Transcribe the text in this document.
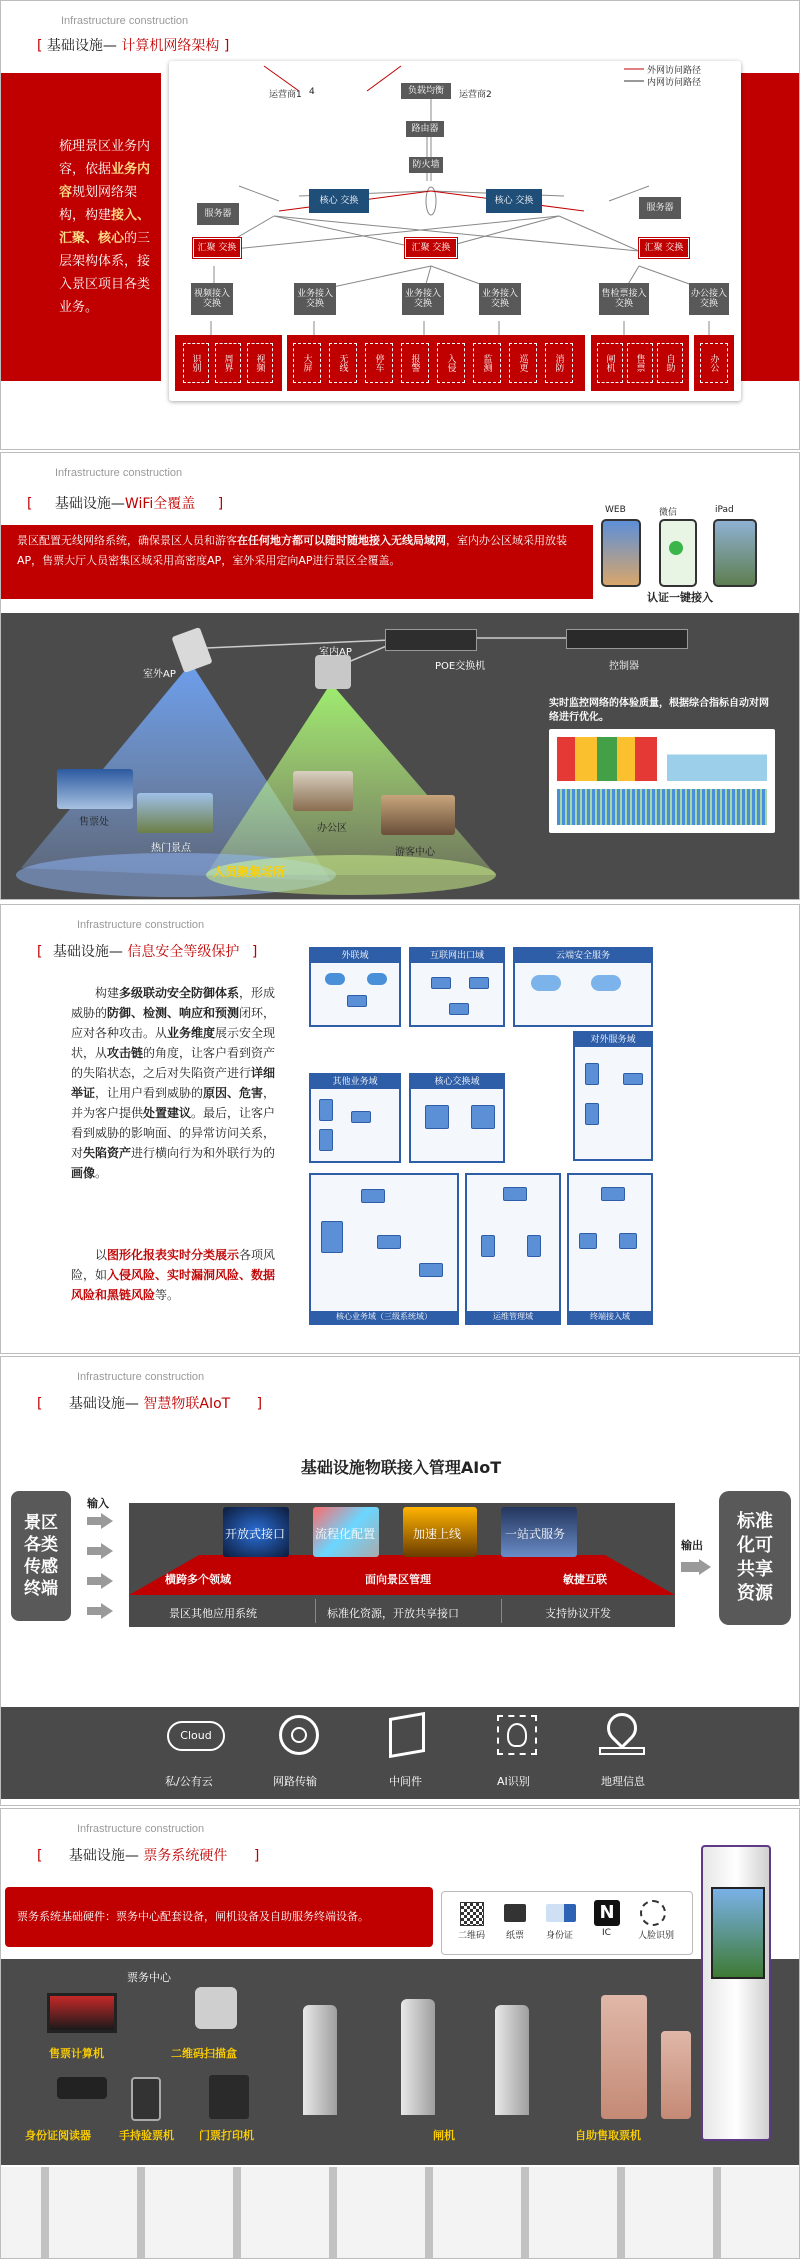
Infrastructure construction
[ 基础设施— 计算机网络架构 ]
梳理景区业务内容，依据业务内容规划网络架构，构建接入、汇聚、核心的三层架构体系，接入景区项目各类业务。
运营商1 4	负载均衡	运营商2
外网访问路径
内网访问路径
路由器
防火墙
服务器
核心 交换	核心 交换
服务器
汇聚 交换	汇聚 交换	汇聚 交换
视频接入交换
业务接入交换
业务接入交换
业务接入交换
售检票接入交换
办公接入交换
识别	周界	视频	大屏	无线	停车	报警	入侵	监测	巡更	消防	闸机	售票	自助	办公
Infrastructure construction
[ 基础设施—WiFi全覆盖 ]
景区配置无线网络系统，确保景区人员和游客在任何地方都可以随时随地接入无线局域网，室内办公区域采用放装AP，售票大厅人员密集区域采用高密度AP，室外采用定向AP进行景区全覆盖。
WEB	微信	iPad
认证一键接入
室外AP
室内AP
POE交换机	控制器
实时监控网络的体验质量，根据综合指标自动对网络进行优化。
售票处
热门景点
办公区
游客中心
人员聚集场所
Infrastructure construction
[ 基础设施— 信息安全等级保护 ]
构建多级联动安全防御体系，形成威胁的防御、检测、响应和预测闭环，应对各种攻击。从业务维度展示安全现状，从攻击链的角度，让客户看到资产的失陷状态，之后对失陷资产进行详细举证，让用户看到威胁的原因、危害，并为客户提供处置建议。最后，让客户看到威胁的影响面、的异常访问关系，对失陷资产进行横向行为和外联行为的画像。
以图形化报表实时分类展示各项风险，如入侵风险、实时漏洞风险、数据风险和黑链风险等。
外联域	互联网出口域	云端安全服务
对外服务域
其他业务域	核心交换域
核心业务域（三级系统域）	运维管理域	终端接入域
Infrastructure construction
[ 基础设施— 智慧物联AIoT ]
基础设施物联接入管理AIoT
景区各类传感终端
输入
开放式接口 流程化配置	加速上线	一站式服务
横跨多个领域	面向景区管理	敏捷互联
景区其他应用系统	标准化资源，开放共享接口	支持协议开发
输出
标准化可共享资源
Cloud
私/公有云	网路传输	中间件	AI识别	地理信息
Infrastructure construction
[ 基础设施— 票务系统硬件 ]
票务系统基础硬件：票务中心配套设备，闸机设备及自助服务终端设备。
二维码 纸票 身份证
N
IC	人脸识别
票务中心
售票计算机	二维码扫描盒
身份证阅读器	手持验票机 门票打印机	闸机	自助售取票机
